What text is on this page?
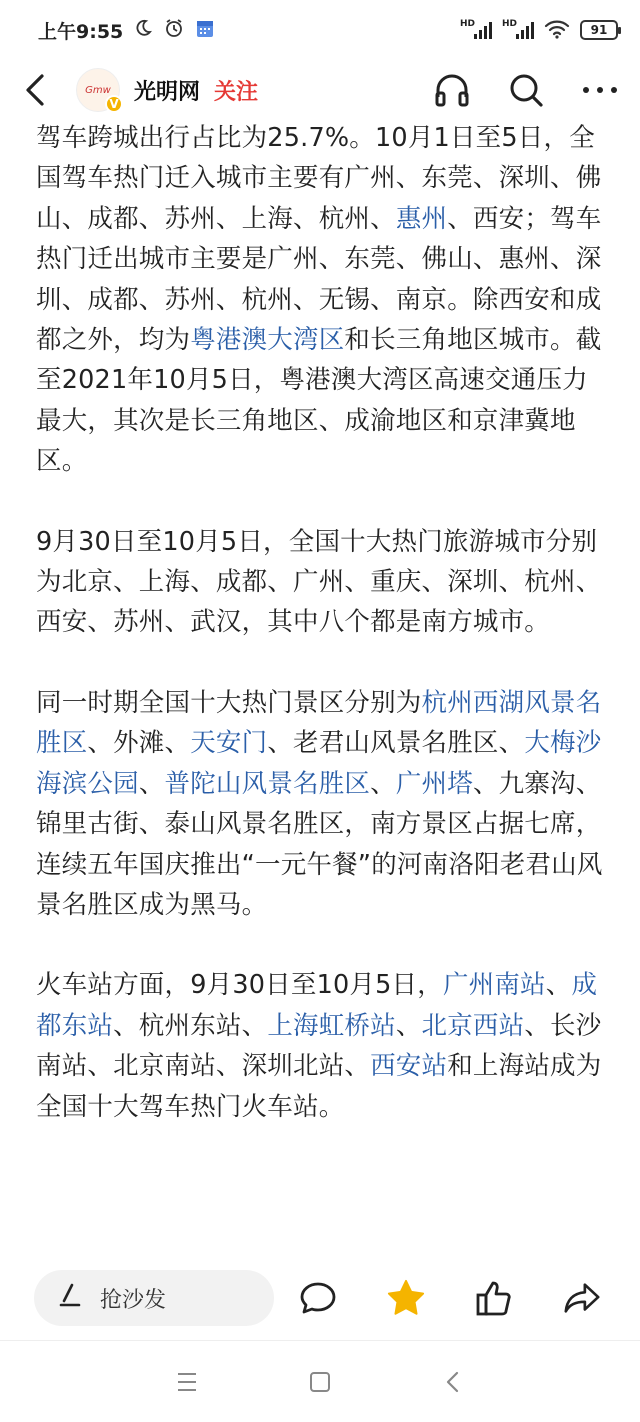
上午9:55	HD	HD	91
Gmw
V 光明网 关注

驾车跨城出行占比为25.7%。10月1日至5日，全国驾车热门迁入城市主要有广州、东莞、深圳、佛山、成都、苏州、上海、杭州、惠州、西安；驾车热门迁出城市主要是广州、东莞、佛山、惠州、深圳、成都、苏州、杭州、无锡、南京。除西安和成都之外，均为粤港澳大湾区和长三角地区城市。截至2021年10月5日，粤港澳大湾区高速交通压力最大，其次是长三角地区、成渝地区和京津冀地区。

9月30日至10月5日，全国十大热门旅游城市分别为北京、上海、成都、广州、重庆、深圳、杭州、西安、苏州、武汉，其中八个都是南方城市。

同一时期全国十大热门景区分别为杭州西湖风景名胜区、外滩、天安门、老君山风景名胜区、大梅沙海滨公园、普陀山风景名胜区、广州塔、九寨沟、锦里古街、泰山风景名胜区，南方景区占据七席，连续五年国庆推出“一元午餐”的河南洛阳老君山风景名胜区成为黑马。

火车站方面，9月30日至10月5日，广州南站、成都东站、杭州东站、上海虹桥站、北京西站、长沙南站、北京南站、深圳北站、西安站和上海站成为全国十大驾车热门火车站。

抢沙发
